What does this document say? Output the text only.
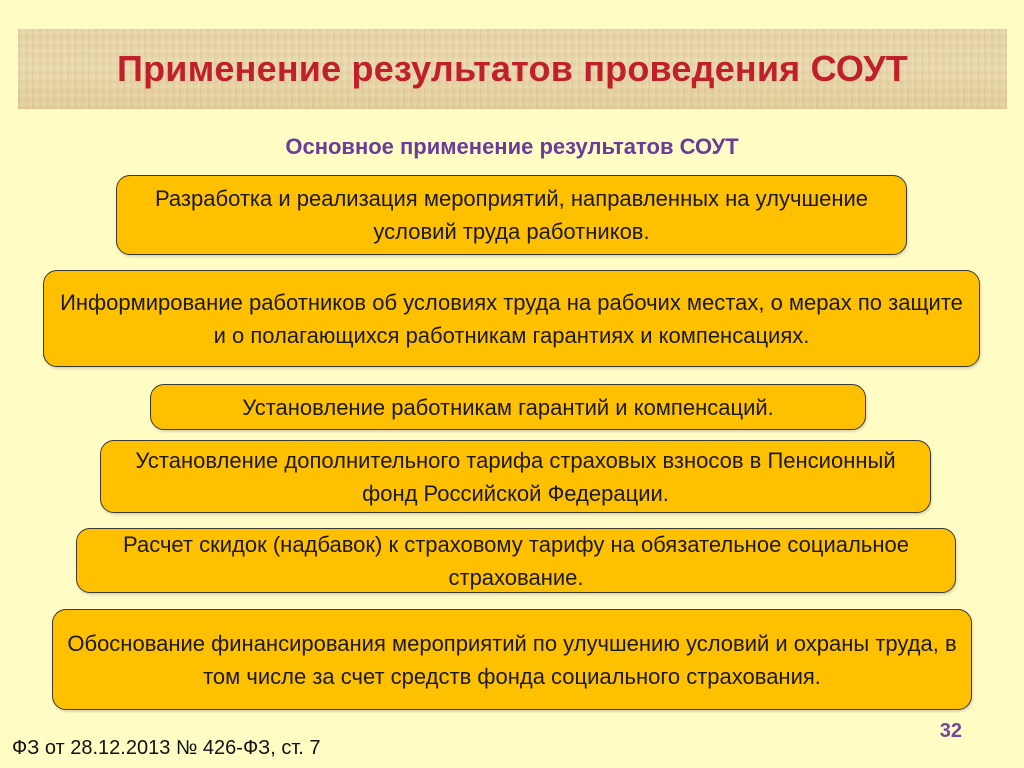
Применение результатов проведения СОУТ
Основное применение результатов СОУТ
Разработка и реализация мероприятий, направленных на улучшение условий труда работников.
Информирование работников об условиях труда на рабочих местах, о мерах по защите и о полагающихся работникам гарантиях и компенсациях.
Установление работникам гарантий и компенсаций.
Установление дополнительного тарифа страховых взносов в Пенсионный фонд Российской Федерации.
Расчет скидок (надбавок) к страховому тарифу на обязательное социальное страхование.
Обоснование финансирования мероприятий по улучшению условий и охраны труда, в том числе за счет средств фонда социального страхования.
32
ФЗ от 28.12.2013 № 426-ФЗ, ст. 7
